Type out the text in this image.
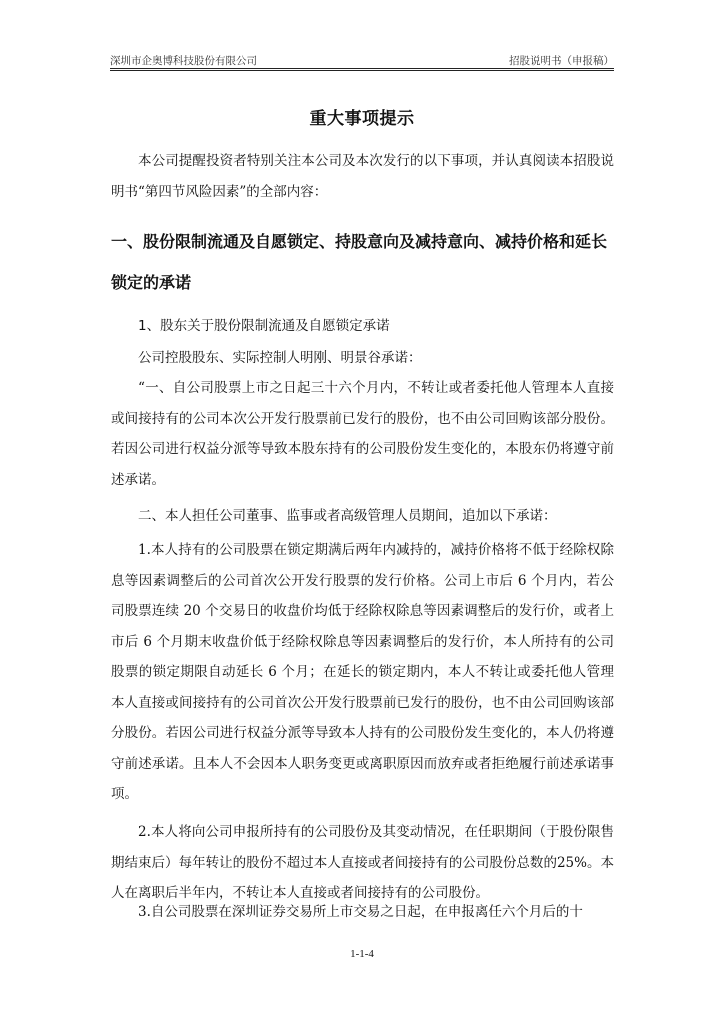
深圳市企奥博科技股份有限公司	招股说明书（申报稿）
重大事项提示

本公司提醒投资者特别关注本公司及本次发行的以下事项，并认真阅读本招股说明书“第四节风险因素”的全部内容：

一、股份限制流通及自愿锁定、持股意向及减持意向、减持价格和延长锁定的承诺

1、股东关于股份限制流通及自愿锁定承诺

公司控股股东、实际控制人明刚、明景谷承诺：

“一、自公司股票上市之日起三十六个月内，不转让或者委托他人管理本人直接或间接持有的公司本次公开发行股票前已发行的股份，也不由公司回购该部分股份。若因公司进行权益分派等导致本股东持有的公司股份发生变化的，本股东仍将遵守前述承诺。

二、本人担任公司董事、监事或者高级管理人员期间，追加以下承诺：

1.本人持有的公司股票在锁定期满后两年内减持的，减持价格将不低于经除权除息等因素调整后的公司首次公开发行股票的发行价格。公司上市后 6 个月内，若公司股票连续 20 个交易日的收盘价均低于经除权除息等因素调整后的发行价，或者上市后 6 个月期末收盘价低于经除权除息等因素调整后的发行价，本人所持有的公司股票的锁定期限自动延长 6 个月；在延长的锁定期内，本人不转让或委托他人管理本人直接或间接持有的公司首次公开发行股票前已发行的股份，也不由公司回购该部分股份。若因公司进行权益分派等导致本人持有的公司股份发生变化的，本人仍将遵守前述承诺。且本人不会因本人职务变更或离职原因而放弃或者拒绝履行前述承诺事项。

2.本人将向公司申报所持有的公司股份及其变动情况，在任职期间（于股份限售期结束后）每年转让的股份不超过本人直接或者间接持有的公司股份总数的25%。本人在离职后半年内，不转让本人直接或者间接持有的公司股份。

3.自公司股票在深圳证券交易所上市交易之日起，在申报离任六个月后的十

1-1-4
